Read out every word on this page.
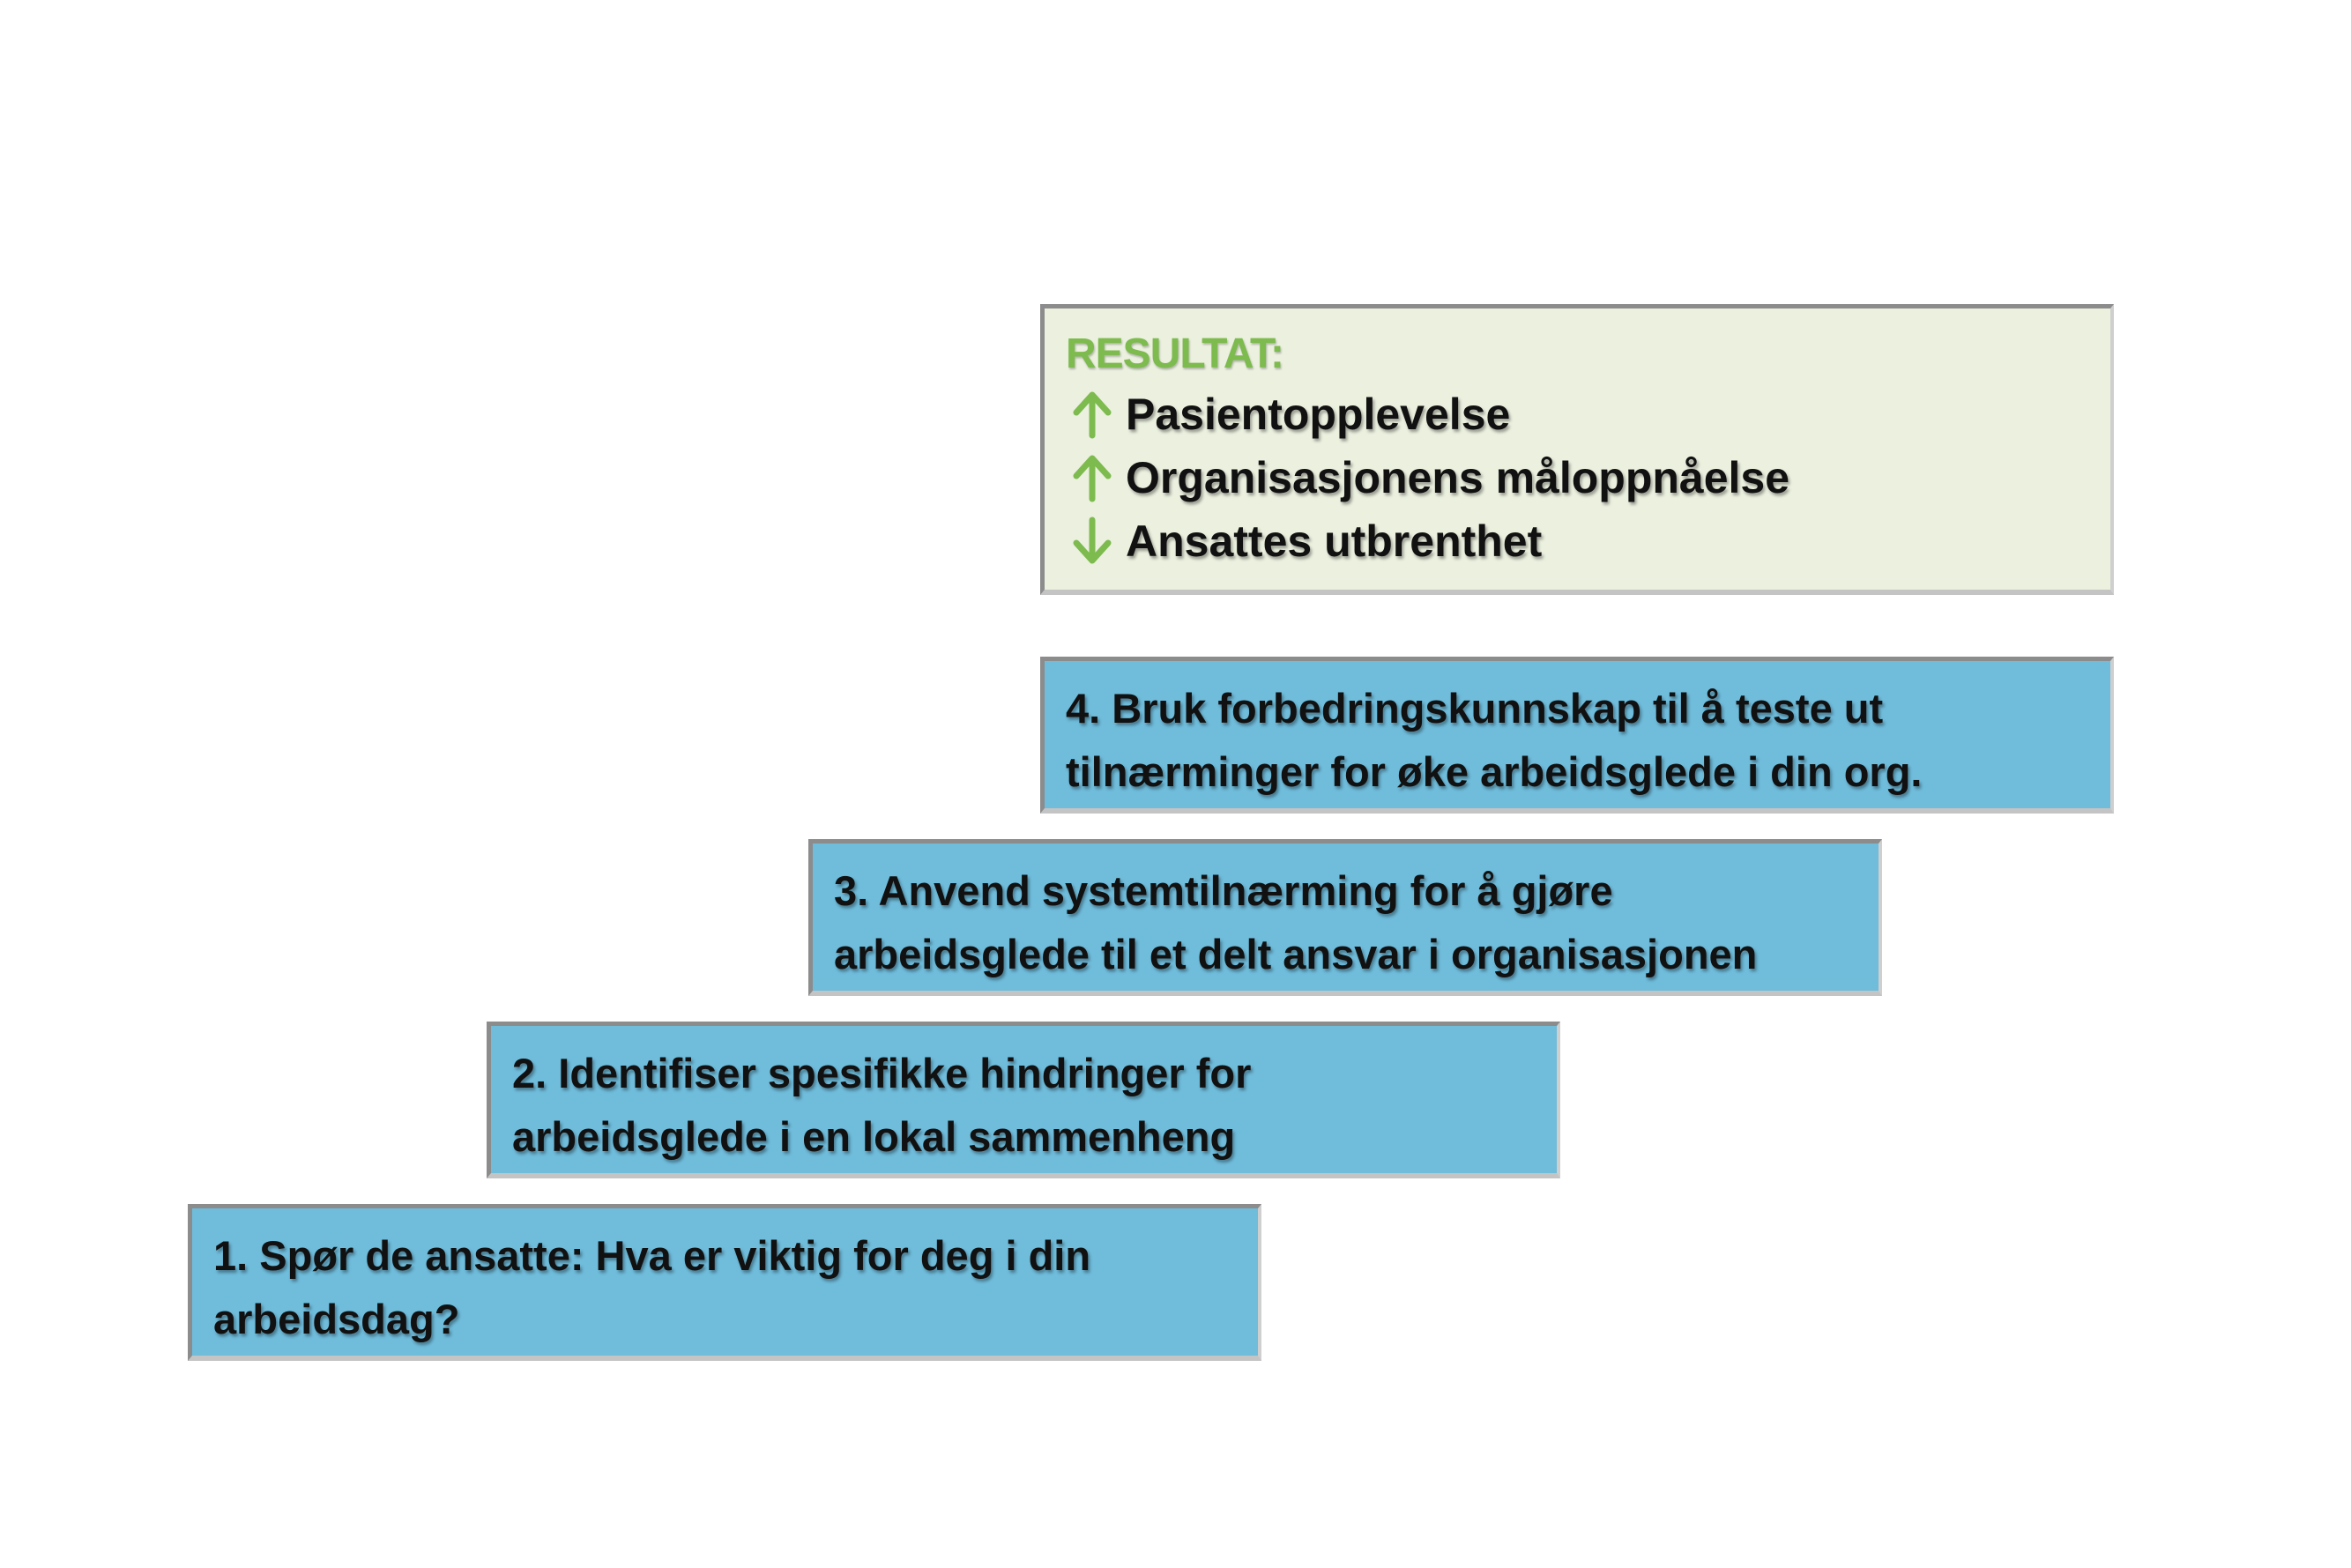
RESULTAT:
Pasientopplevelse
Organisasjonens måloppnåelse
Ansattes utbrenthet
4. Bruk forbedringskunnskap til å teste ut
tilnærminger for øke arbeidsglede i din org.
3. Anvend systemtilnærming for å gjøre
arbeidsglede til et delt ansvar i organisasjonen
2. Identifiser spesifikke hindringer for
arbeidsglede i en lokal sammenheng
1. Spør de ansatte: Hva er viktig for deg i din
arbeidsdag?
